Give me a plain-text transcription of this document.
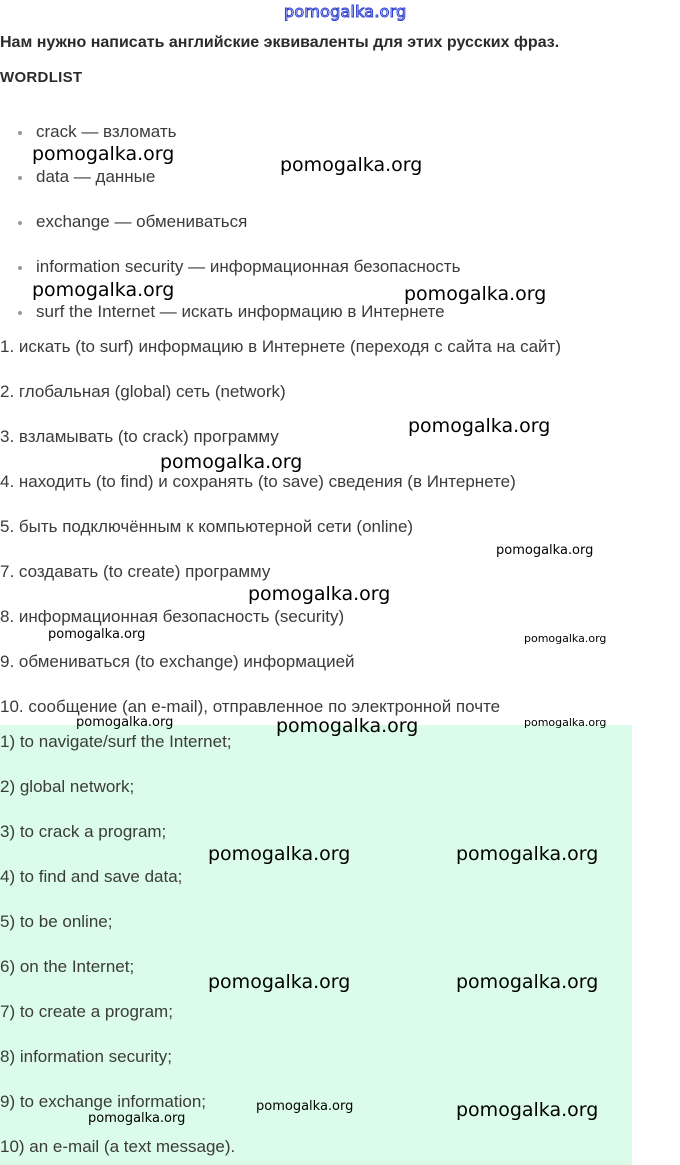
pomogalka.org
Нам нужно написать английские эквиваленты для этих русских фраз.
WORDLIST
crack — взломать
data — данные
exchange — обмениваться
information security — информационная безопасность
surf the Internet — искать информацию в Интернете
1. искать (to surf) информацию в Интернете (переходя с сайта на сайт)
2. глобальная (global) сеть (network)
3. взламывать (to crack) программу
4. находить (to find) и сохранять (to save) сведения (в Интернете)
5. быть подключённым к компьютерной сети (online)
7. создавать (to create) программу
8. информационная безопасность (security)
9. обмениваться (to exchange) информацией
10. сообщение (an e-mail), отправленное по электронной почте
1) to navigate/surf the Internet;
2) global network;
3) to crack a program;
4) to find and save data;
5) to be online;
6) on the Internet;
7) to create a program;
8) information security;
9) to exchange information;
10) an e-mail (a text message).
pomogalka.org	pomogalka.org
pomogalka.org	pomogalka.org
pomogalka.org
pomogalka.org
pomogalka.org
pomogalka.org
pomogalka.org	pomogalka.org
pomogalka.org	pomogalka.org	pomogalka.org
pomogalka.org	pomogalka.org
pomogalka.org	pomogalka.org
pomogalka.org	pomogalka.org
pomogalka.org
